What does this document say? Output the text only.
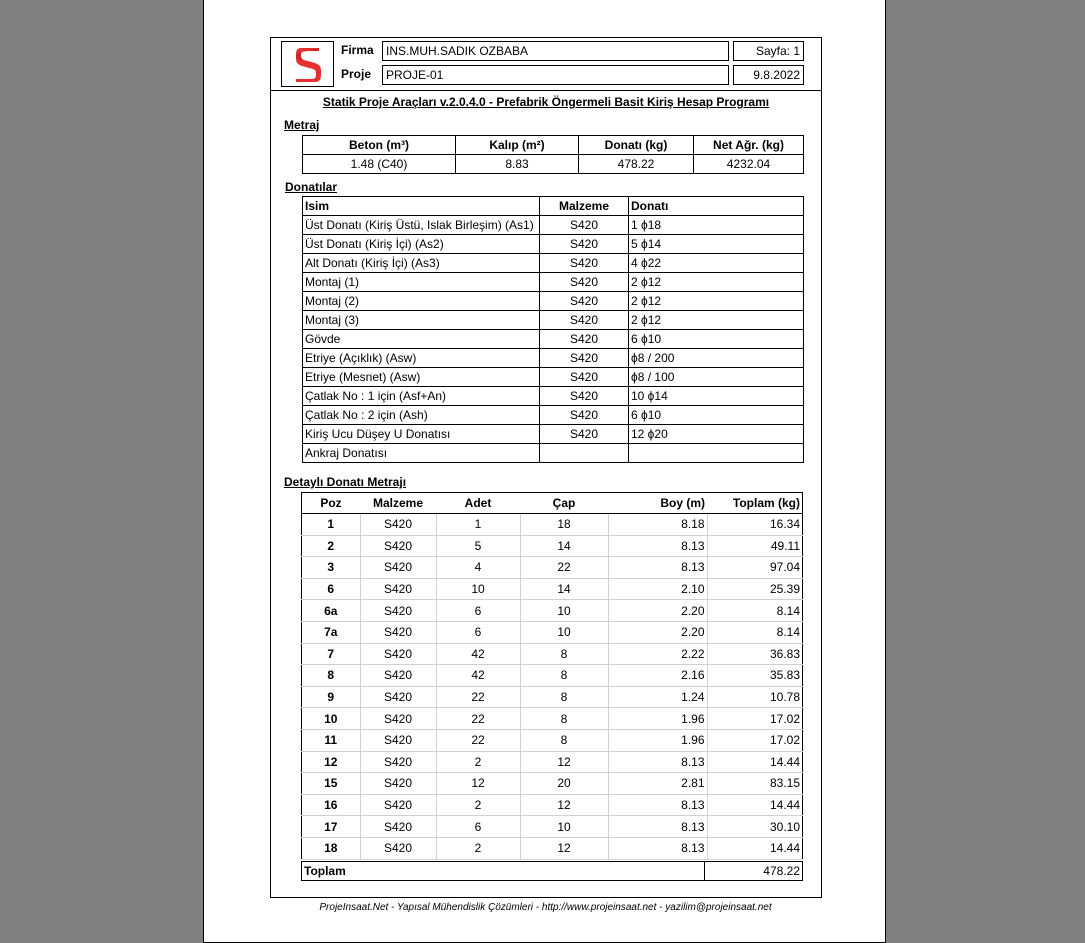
Firma	INS.MUH.SADIK OZBABA	Sayfa: 1
Proje	PROJE-01	9.8.2022
Statik Proje Araçları v.2.0.4.0 - Prefabrik Öngermeli Basit Kiriş Hesap Programı
Metraj
Beton (m³)	Kalıp (m²)	Donatı (kg)	Net Ağr. (kg)
1.48 (C40)	8.83	478.22	4232.04
Donatılar
Isim	Malzeme	Donatı
Üst Donatı (Kiriş Üstü, Islak Birleşim) (As1)	S420	1 ϕ18
Üst Donatı (Kiriş İçi) (As2)	S420	5 ϕ14
Alt Donatı (Kiriş İçi) (As3)	S420	4 ϕ22
Montaj (1)	S420	2 ϕ12
Montaj (2)	S420	2 ϕ12
Montaj (3)	S420	2 ϕ12
Gövde	S420	6 ϕ10
Etriye (Açıklık) (Asw)	S420	ϕ8 / 200
Etriye (Mesnet) (Asw)	S420	ϕ8 / 100
Çatlak No : 1 için (Asf+An)	S420	10 ϕ14
Çatlak No : 2 için (Ash)	S420	6 ϕ10
Kiriş Ucu Düşey U Donatısı	S420	12 ϕ20
Ankraj Donatısı		
Detaylı Donatı Metrajı
Poz	Malzeme	Adet	Çap	Boy (m)	Toplam (kg)
1	S420	1	18	8.18	16.34
2	S420	5	14	8.13	49.11
3	S420	4	22	8.13	97.04
6	S420	10	14	2.10	25.39
6a	S420	6	10	2.20	8.14
7a	S420	6	10	2.20	8.14
7	S420	42	8	2.22	36.83
8	S420	42	8	2.16	35.83
9	S420	22	8	1.24	10.78
10	S420	22	8	1.96	17.02
11	S420	22	8	1.96	17.02
12	S420	2	12	8.13	14.44
15	S420	12	20	2.81	83.15
16	S420	2	12	8.13	14.44
17	S420	6	10	8.13	30.10
18	S420	2	12	8.13	14.44
Toplam	478.22
ProjeInsaat.Net - Yapısal Mühendislik Çözümleri - http://www.projeinsaat.net - yazilim@projeinsaat.net
